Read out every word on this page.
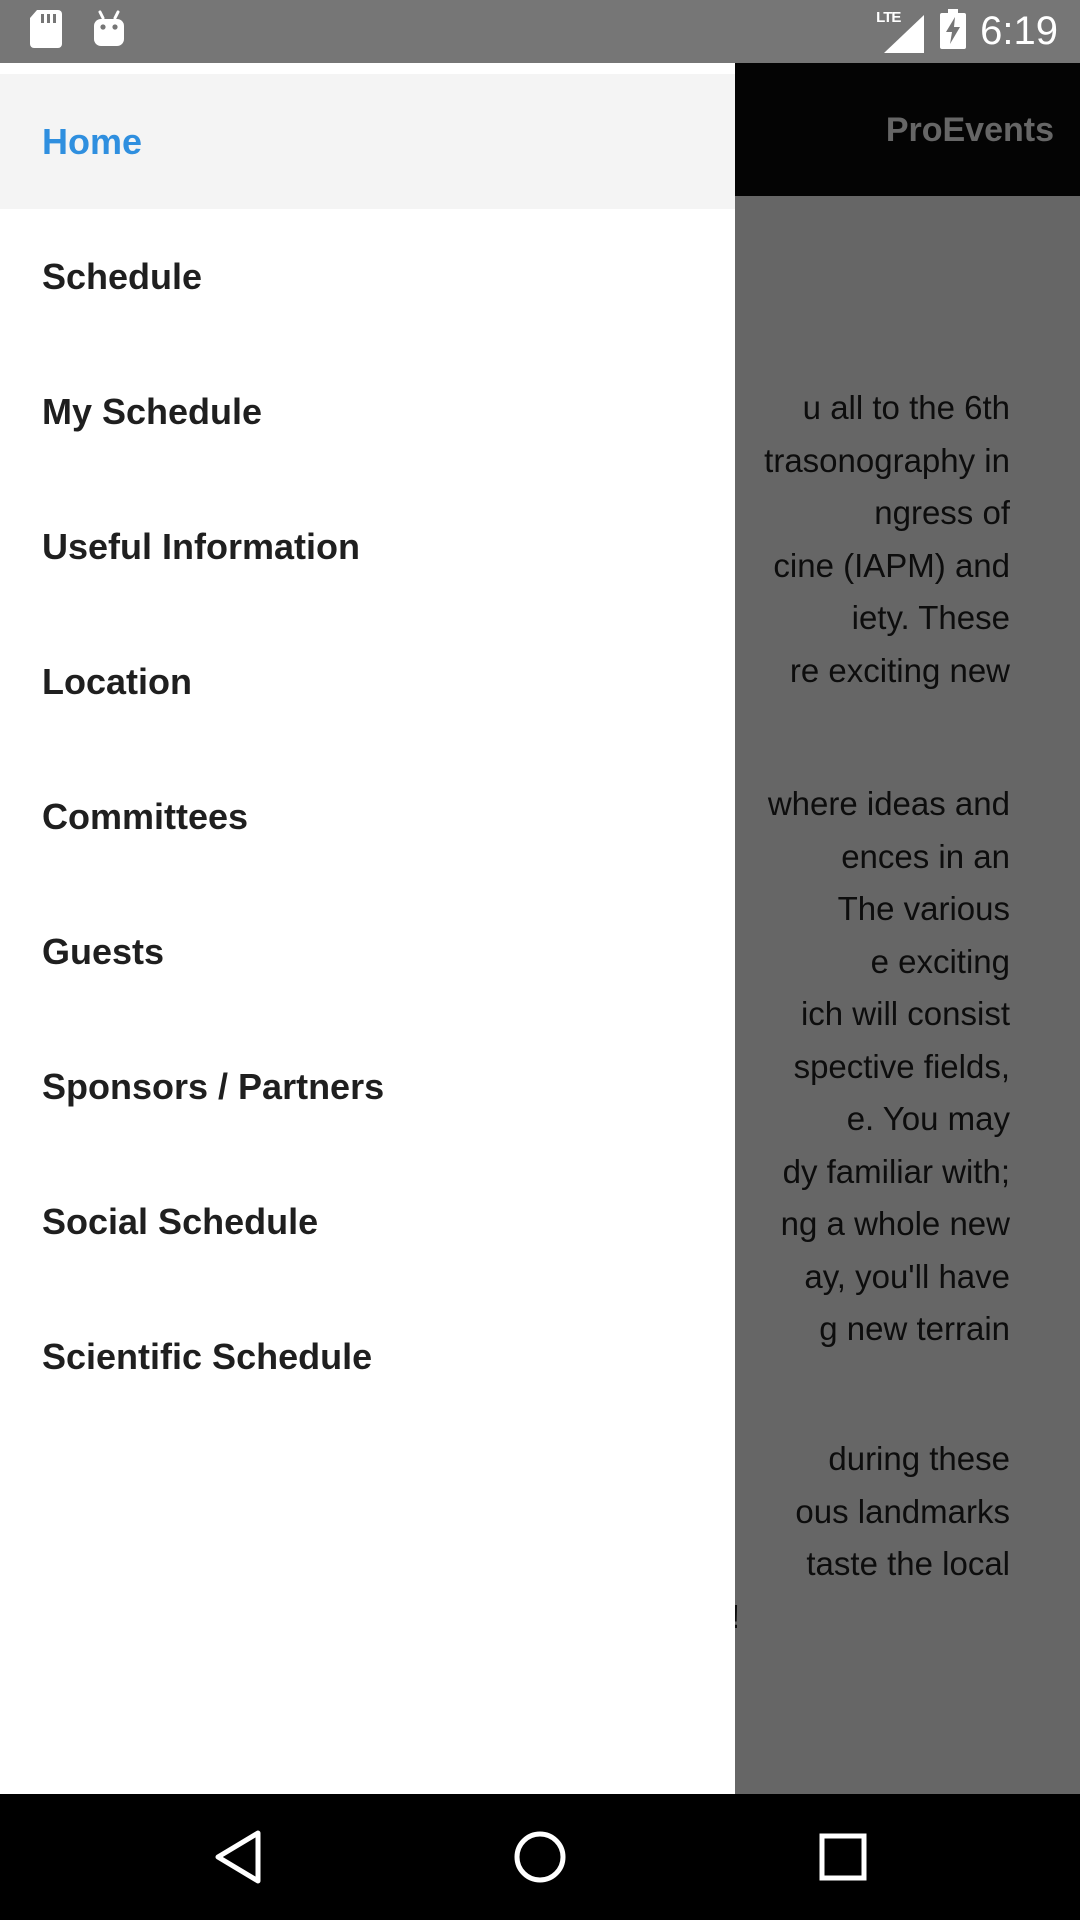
LTE 6:19
Home
Schedule
My Schedule
Useful Information
Location
Committees
Guests
Sponsors / Partners
Social Schedule
Scientific Schedule
